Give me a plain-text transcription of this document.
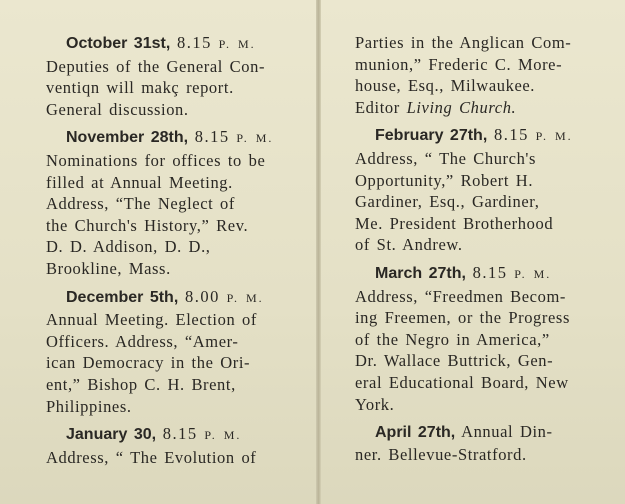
October 31st, 8.15 P. M.
Deputies of the General Con-
ventiqn will makç report.
General discussion.
November 28th, 8.15 P. M.
Nominations for offices to be
filled at Annual Meeting.
Address, “The Neglect of
the Church's History,” Rev.
D. D. Addison, D. D.,
Brookline, Mass.
December 5th, 8.00 P. M.
Annual Meeting. Election of
Officers. Address, “Amer-
ican Democracy in the Ori-
ent,” Bishop C. H. Brent,
Philippines.
January 30, 8.15 P. M.
Address, “ The Evolution of
Parties in the Anglican Com-
munion,” Frederic C. More-
house, Esq., Milwaukee.
Editor Living Church.
February 27th, 8.15 P. M.
Address, “ The Church's
Opportunity,” Robert H.
Gardiner, Esq., Gardiner,
Me. President Brotherhood
of St. Andrew.
March 27th, 8.15 P. M.
Address, “Freedmen Becom-
ing Freemen, or the Progress
of the Negro in America,”
Dr. Wallace Buttrick, Gen-
eral Educational Board, New
York.
April 27th, Annual Din-
ner. Bellevue-Stratford.
